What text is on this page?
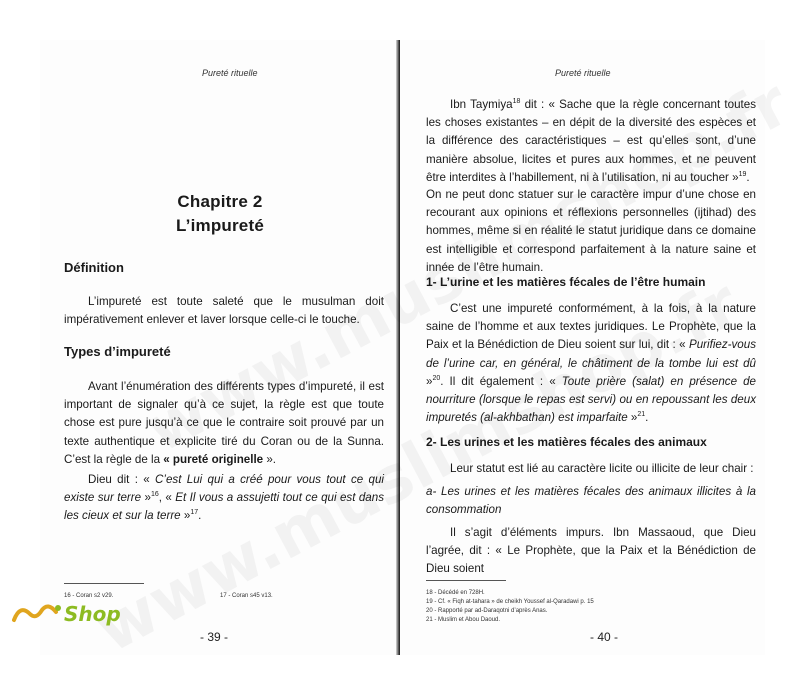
Pureté rituelle
Chapitre 2
L’impureté
Définition
L’impureté est toute saleté que le musulman doit impérativement enlever et laver lorsque celle-ci le touche.
Types d’impureté
Avant l’énumération des différents types d’impureté, il est important de signaler qu’à ce sujet, la règle est que toute chose est pure jusqu’à ce que le contraire soit prouvé par un texte authentique et explicite tiré du Coran ou de la Sunna. C’est la règle de la « pureté originelle ».
Dieu dit : « C’est Lui qui a créé pour vous tout ce qui existe sur terre »$^{16}$, « Et Il vous a assujetti tout ce qui est dans les cieux et sur la terre »$^{17}$.
16 - Coran s2 v29.	17 - Coran s45 v13.
- 39 -
Pureté rituelle
Ibn Taymiya$^{18}$ dit : « Sache que la règle concernant toutes les choses existantes – en dépit de la diversité des espèces et la différence des caractéristiques – est qu’elles sont, d’une manière absolue, licites et pures aux hommes, et ne peuvent être interdites à l’habillement, ni à l’utilisation, ni au toucher »$^{19}$.
On ne peut donc statuer sur le caractère impur d’une chose en recourant aux opinions et réflexions personnelles (ijtihad) des hommes, même si en réalité le statut juridique dans ce domaine est intelligible et correspond parfaitement à la nature saine et innée de l’être humain.
1- L’urine et les matières fécales de l’être humain
C’est une impureté conformément, à la fois, à la nature saine de l’homme et aux textes juridiques. Le Prophète, que la Paix et la Bénédiction de Dieu soient sur lui, dit : « Purifiez-vous de l’urine car, en général, le châtiment de la tombe lui est dû »$^{20}$. Il dit également : « Toute prière (salat) en présence de nourriture (lorsque le repas est servi) ou en repoussant les deux impuretés (al-akhbathan) est imparfaite »$^{21}$.
2- Les urines et les matières fécales des animaux
Leur statut est lié au caractère licite ou illicite de leur chair :
a- Les urines et les matières fécales des animaux illicites à la consommation
Il s’agit d’éléments impurs. Ibn Massaoud, que Dieu l’agrée, dit : « Le Prophète, que la Paix et la Bénédiction de Dieu soient
18 - Décédé en 728H.
19 - Cf. « Fiqh at-tahara » de cheikh Youssef al-Qaradawi p. 15
20 - Rapporté par ad-Daraqotni d’après Anas.
21 - Muslim et Abou Daoud.
- 40 -
Shop
